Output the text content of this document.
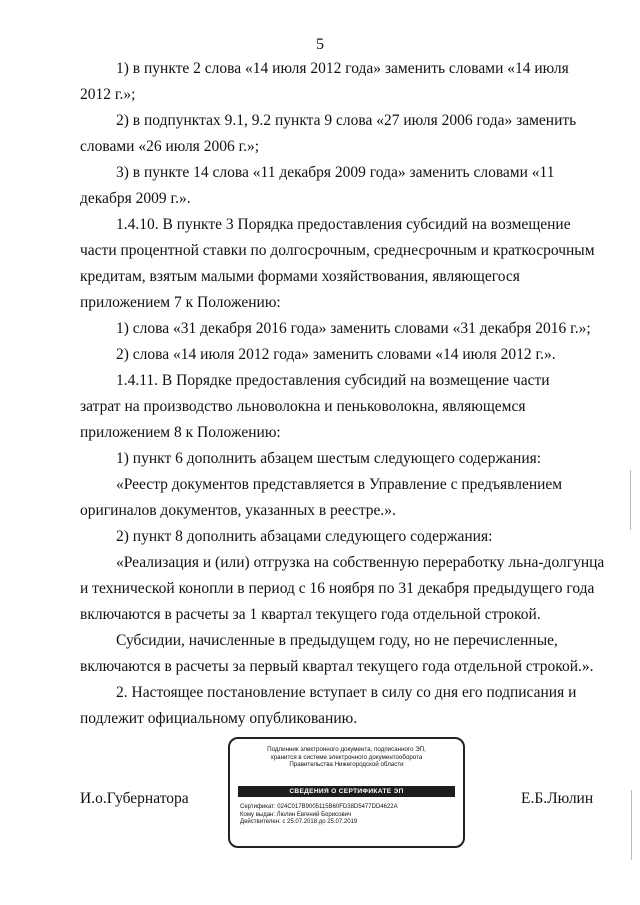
5
1) в пункте 2 слова «14 июля 2012 года» заменить словами «14 июля
2012 г.»;
2) в подпунктах 9.1, 9.2 пункта 9 слова «27 июля 2006 года» заменить
словами «26 июля 2006 г.»;
3) в пункте 14 слова «11 декабря 2009 года» заменить словами «11
декабря 2009 г.».
1.4.10. В пункте 3 Порядка предоставления субсидий на возмещение
части процентной ставки по долгосрочным, среднесрочным и краткосрочным
кредитам, взятым малыми формами хозяйствования, являющегося
приложением 7 к Положению:
1) слова «31 декабря 2016 года» заменить словами «31 декабря 2016 г.»;
2) слова «14 июля 2012 года» заменить словами «14 июля 2012 г.».
1.4.11. В Порядке предоставления субсидий на возмещение части
затрат на производство льноволокна и пеньковолокна, являющемся
приложением 8 к Положению:
1) пункт 6 дополнить абзацем шестым следующего содержания:
«Реестр документов представляется в Управление с предъявлением
оригиналов документов, указанных в реестре.».
2) пункт 8 дополнить абзацами следующего содержания:
«Реализация и (или) отгрузка на собственную переработку льна-долгунца
и технической конопли в период с 16 ноября по 31 декабря предыдущего года
включаются в расчеты за 1 квартал текущего года отдельной строкой.
Субсидии, начисленные в предыдущем году, но не перечисленные,
включаются в расчеты за первый квартал текущего года отдельной строкой.».
2. Настоящее постановление вступает в силу со дня его подписания и
подлежит официальному опубликованию.
И.о.Губернатора
Подлинник электронного документа, подписанного ЭП,
хранится в системе электронного документооборота
Правительства Нижегородской области
СВЕДЕНИЯ О СЕРТИФИКАТЕ ЭП
Сертификат: 024C017B9005115B60FD38D5477DD4622A
Кому выдан: Люлин Евгений Борисович
Действителен: с 25.07.2018 до 25.07.2019
Е.Б.Люлин
